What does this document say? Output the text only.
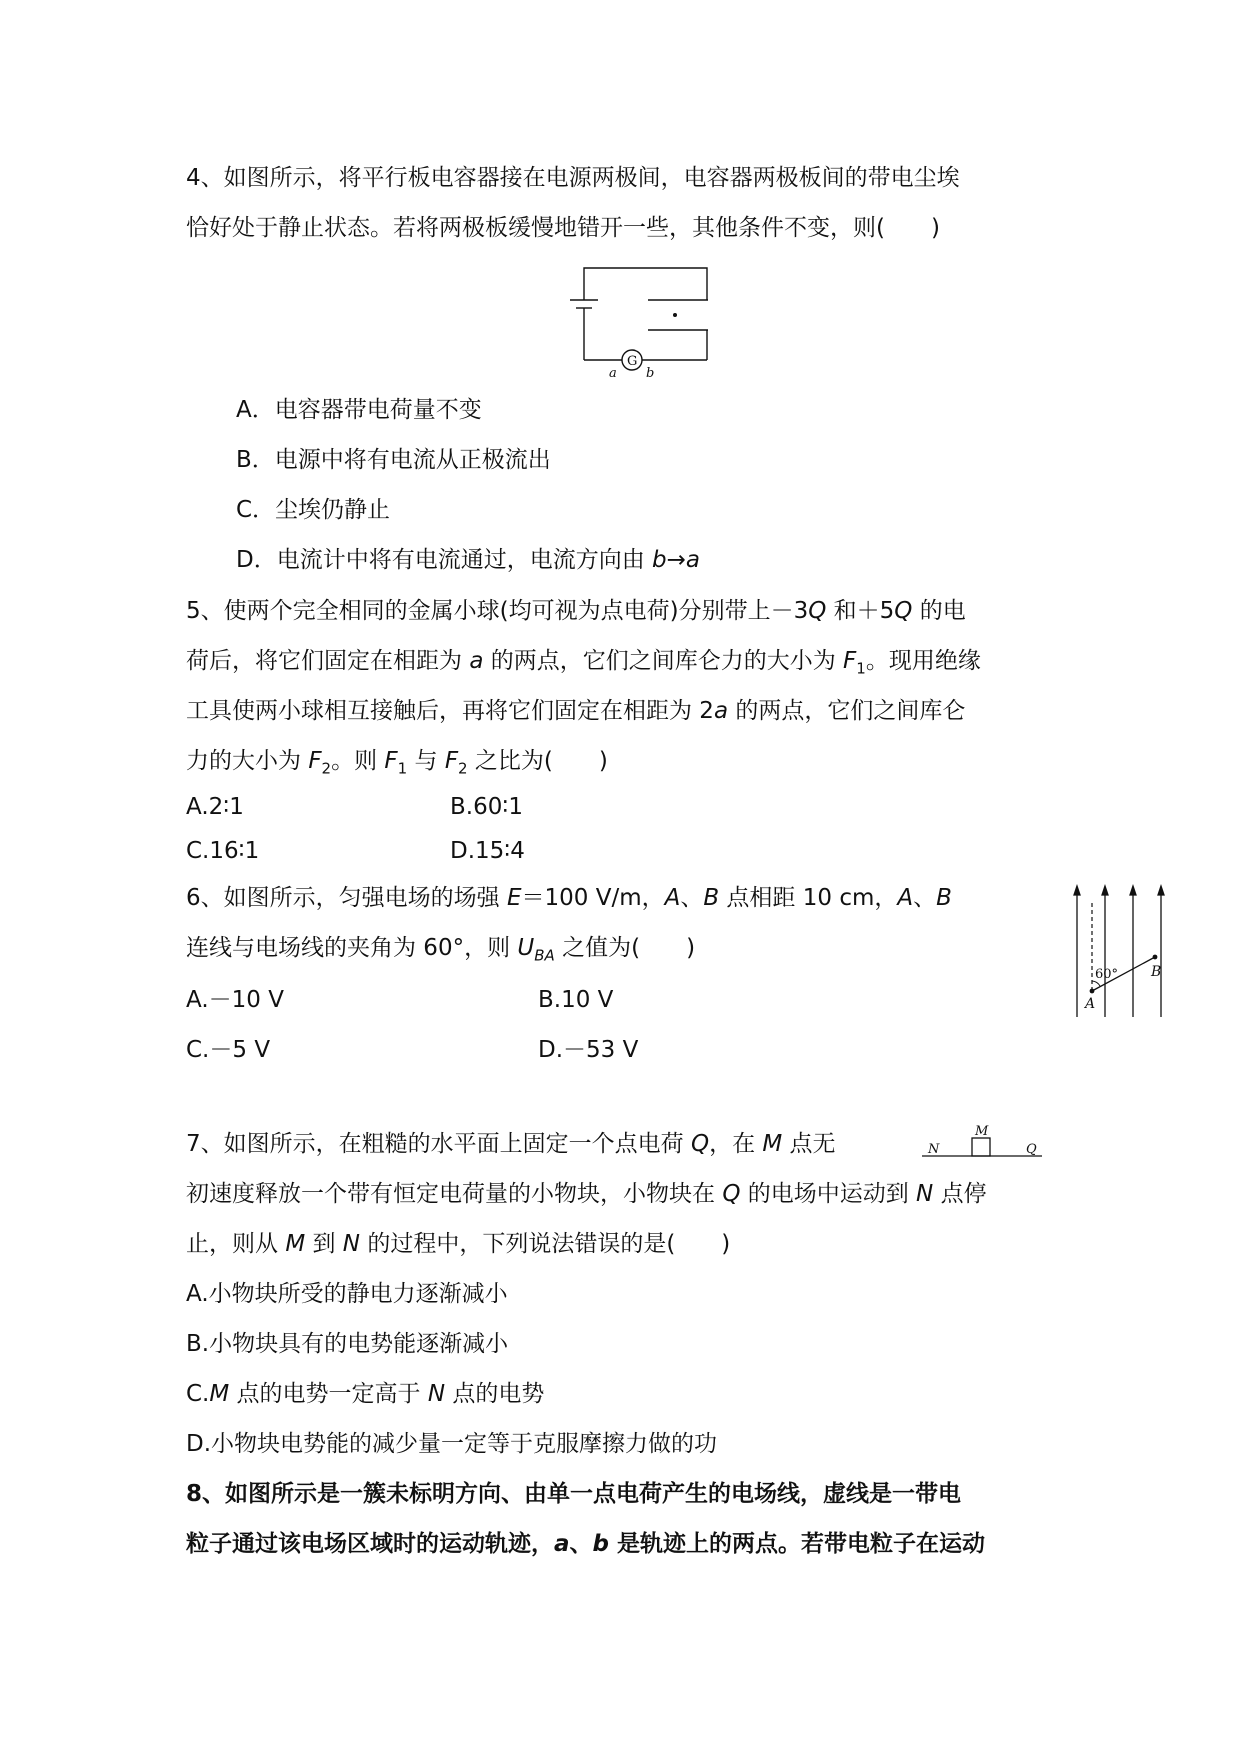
4、如图所示，将平行板电容器接在电源两极间，电容器两极板间的带电尘埃
恰好处于静止状态。若将两极板缓慢地错开一些，其他条件不变，则(　　)
G
a b
A．电容器带电荷量不变
B．电源中将有电流从正极流出
C．尘埃仍静止
D．电流计中将有电流通过，电流方向由 b→a
5、使两个完全相同的金属小球(均可视为点电荷)分别带上－3Q 和＋5Q 的电
荷后，将它们固定在相距为 a 的两点，它们之间库仑力的大小为 $F_1$。现用绝缘
工具使两小球相互接触后，再将它们固定在相距为 2a 的两点，它们之间库仑
力的大小为 $F_2$。则 $F_1$ 与 $F_2$ 之比为(　　)
A.2∶1	B.60∶1
C.16∶1	D.15∶4
6、如图所示，匀强电场的场强 E＝100 V/m，A、B 点相距 10 cm，A、B
连线与电场线的夹角为 60°，则 $U_{BA}$ 之值为(　　)
A.－10 V	B.10 V
C.－5 V	D.－53 V
60°
A
B
7、如图所示，在粗糙的水平面上固定一个点电荷 Q，在 M 点无
初速度释放一个带有恒定电荷量的小物块，小物块在 Q 的电场中运动到 N 点停
止，则从 M 到 N 的过程中，下列说法错误的是(　　)
A.小物块所受的静电力逐渐减小
B.小物块具有的电势能逐渐减小
C.M 点的电势一定高于 N 点的电势
D.小物块电势能的减少量一定等于克服摩擦力做的功
M
N	Q
8、如图所示是一簇未标明方向、由单一点电荷产生的电场线，虚线是一带电
粒子通过该电场区域时的运动轨迹，a、b 是轨迹上的两点。若带电粒子在运动
